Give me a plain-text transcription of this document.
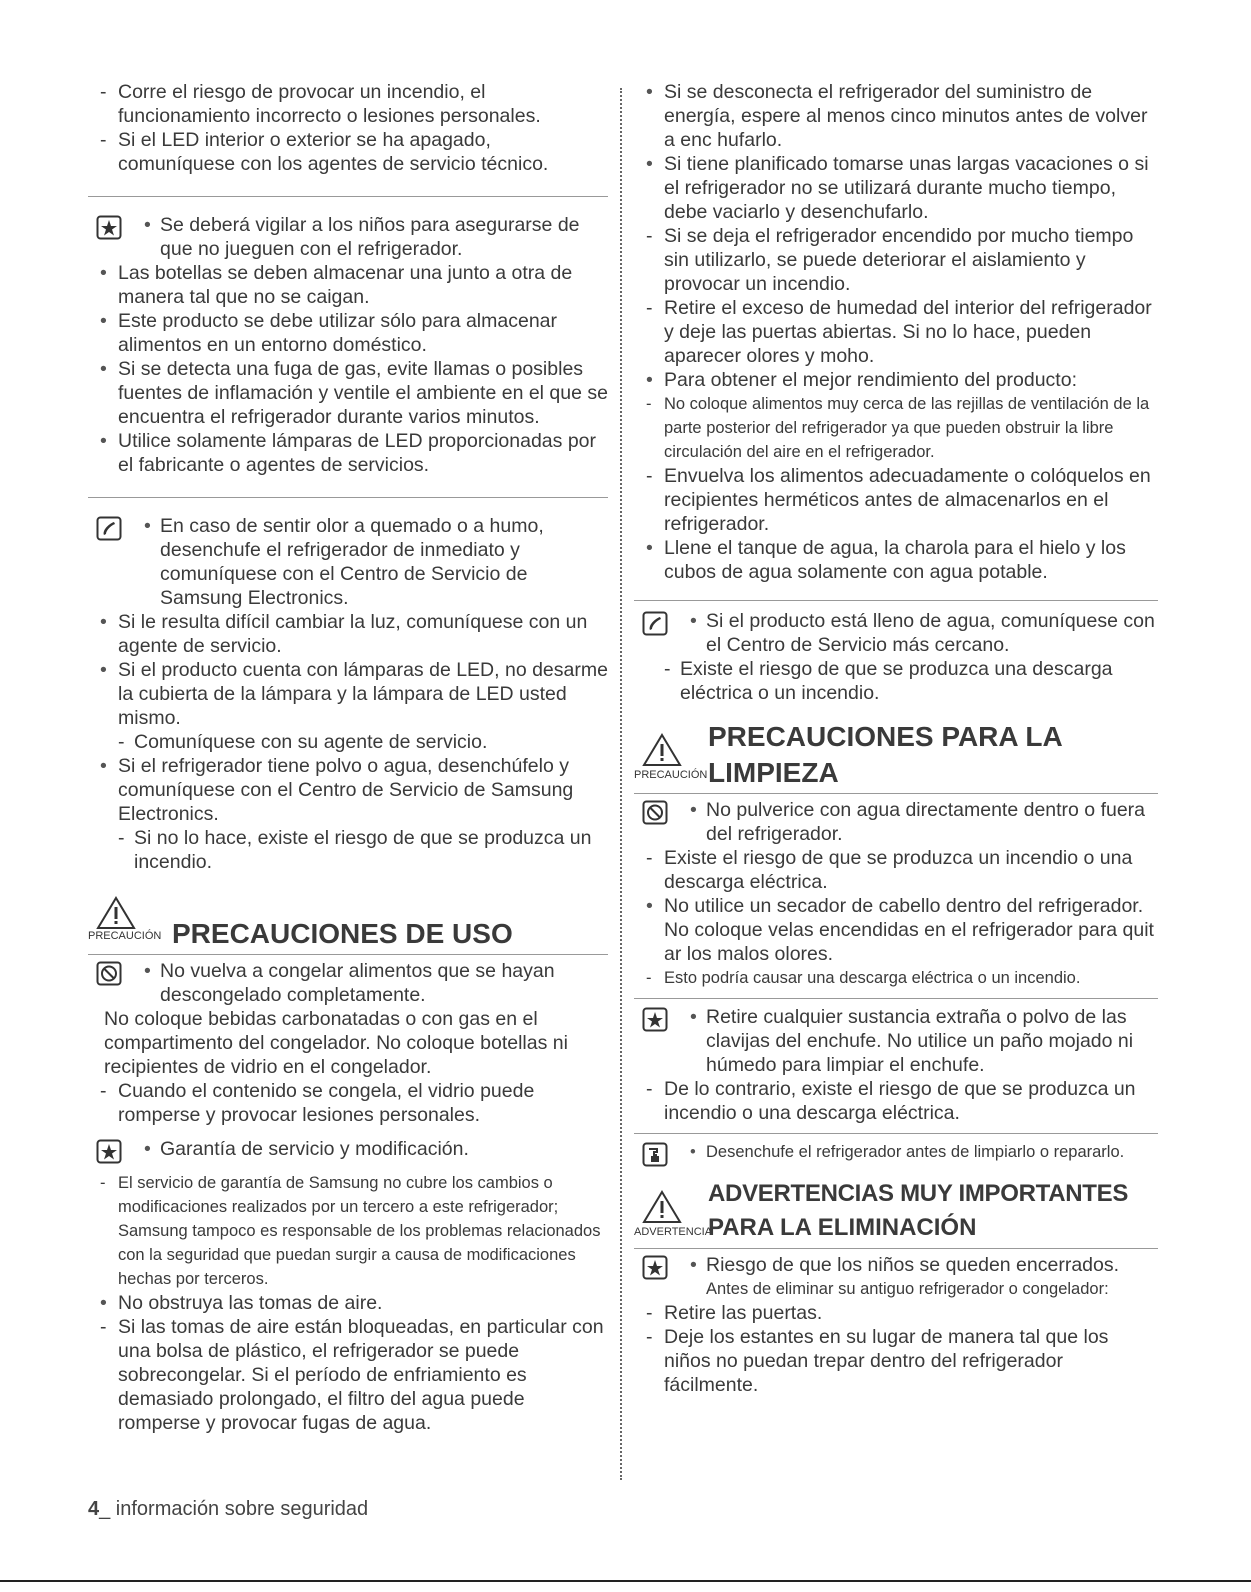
- Corre el riesgo de provocar un incendio, el funcionamiento incorrecto o lesiones personales.

- Si el LED interior o exterior se ha apagado, comuníquese con los agentes de servicio técnico.

• Se deberá vigilar a los niños para asegurarse de que no jueguen con el refrigerador.

• Las botellas se deben almacenar una junto a otra de manera tal que no se caigan.

• Este producto se debe utilizar sólo para almacenar alimentos en un entorno doméstico.

• Si se detecta una fuga de gas, evite llamas o posibles fuentes de inflamación y ventile el ambiente en el que se encuentra el refrigerador durante varios minutos.

• Utilice solamente lámparas de LED proporcionadas por el fabricante o agentes de servicios.

• En caso de sentir olor a quemado o a humo, desenchufe el refrigerador de inmediato y comuníquese con el Centro de Servicio de Samsung Electronics.

• Si le resulta difícil cambiar la luz, comuníquese con un agente de servicio.

• Si el producto cuenta con lámparas de LED, no desarme la cubierta de la lámpara y la lámpara de LED usted mismo.

- Comuníquese con su agente de servicio.

• Si el refrigerador tiene polvo o agua, desenchúfelo y comuníquese con el Centro de Servicio de Samsung Electronics.

- Si no lo hace, existe el riesgo de que se produzca un incendio.

PRECAUCIÓN PRECAUCIONES DE USO

• No vuelva a congelar alimentos que se hayan descongelado completamente.

No coloque bebidas carbonatadas o con gas en el compartimento del congelador. No coloque botellas ni recipientes de vidrio en el congelador.

- Cuando el contenido se congela, el vidrio puede romperse y provocar lesiones personales.

• Garantía de servicio y modificación.

- El servicio de garantía de Samsung no cubre los cambios o modificaciones realizados por un tercero a este refrigerador; Samsung tampoco es responsable de los problemas relacionados con la seguridad que puedan surgir a causa de modificaciones hechas por terceros.

• No obstruya las tomas de aire.

- Si las tomas de aire están bloqueadas, en particular con una bolsa de plástico, el refrigerador se puede sobrecongelar. Si el período de enfriamiento es demasiado prolongado, el filtro del agua puede romperse y provocar fugas de agua.

• Si se desconecta el refrigerador del suministro de energía, espere al menos cinco minutos antes de volver a enc hufarlo.

• Si tiene planificado tomarse unas largas vacaciones o si el refrigerador no se utilizará durante mucho tiempo, debe vaciarlo y desenchufarlo.

- Si se deja el refrigerador encendido por mucho tiempo sin utilizarlo, se puede deteriorar el aislamiento y provocar un incendio.

- Retire el exceso de humedad del interior del refrigerador y deje las puertas abiertas. Si no lo hace, pueden aparecer olores y moho.

• Para obtener el mejor rendimiento del producto:

- No coloque alimentos muy cerca de las rejillas de ventilación de la parte posterior del refrigerador ya que pueden obstruir la libre circulación del aire en el refrigerador.

- Envuelva los alimentos adecuadamente o colóquelos en recipientes herméticos antes de almacenarlos en el refrigerador.

• Llene el tanque de agua, la charola para el hielo y los cubos de agua solamente con agua potable.

• Si el producto está lleno de agua, comuníquese con el Centro de Servicio más cercano.

- Existe el riesgo de que se produzca una descarga eléctrica o un incendio.

PRECAUCIÓN
PRECAUCIONES PARA LA
LIMPIEZA

• No pulverice con agua directamente dentro o fuera del refrigerador.

- Existe el riesgo de que se produzca un incendio o una descarga eléctrica.

• No utilice un secador de cabello dentro del refrigerador. No coloque velas encendidas en el refrigerador para quit ar los malos olores.

- Esto podría causar una descarga eléctrica o un incendio.

• Retire cualquier sustancia extraña o polvo de las clavijas del enchufe. No utilice un paño mojado ni húmedo para limpiar el enchufe.

- De lo contrario, existe el riesgo de que se produzca un incendio o una descarga eléctrica.

• Desenchufe el refrigerador antes de limpiarlo o repararlo.

ADVERTENCIA
ADVERTENCIAS MUY IMPORTANTES
PARA LA ELIMINACIÓN

• Riesgo de que los niños se queden encerrados.

Antes de eliminar su antiguo refrigerador o congelador:

- Retire las puertas.

- Deje los estantes en su lugar de manera tal que los niños no puedan trepar dentro del refrigerador fácilmente.

4_ información sobre seguridad
